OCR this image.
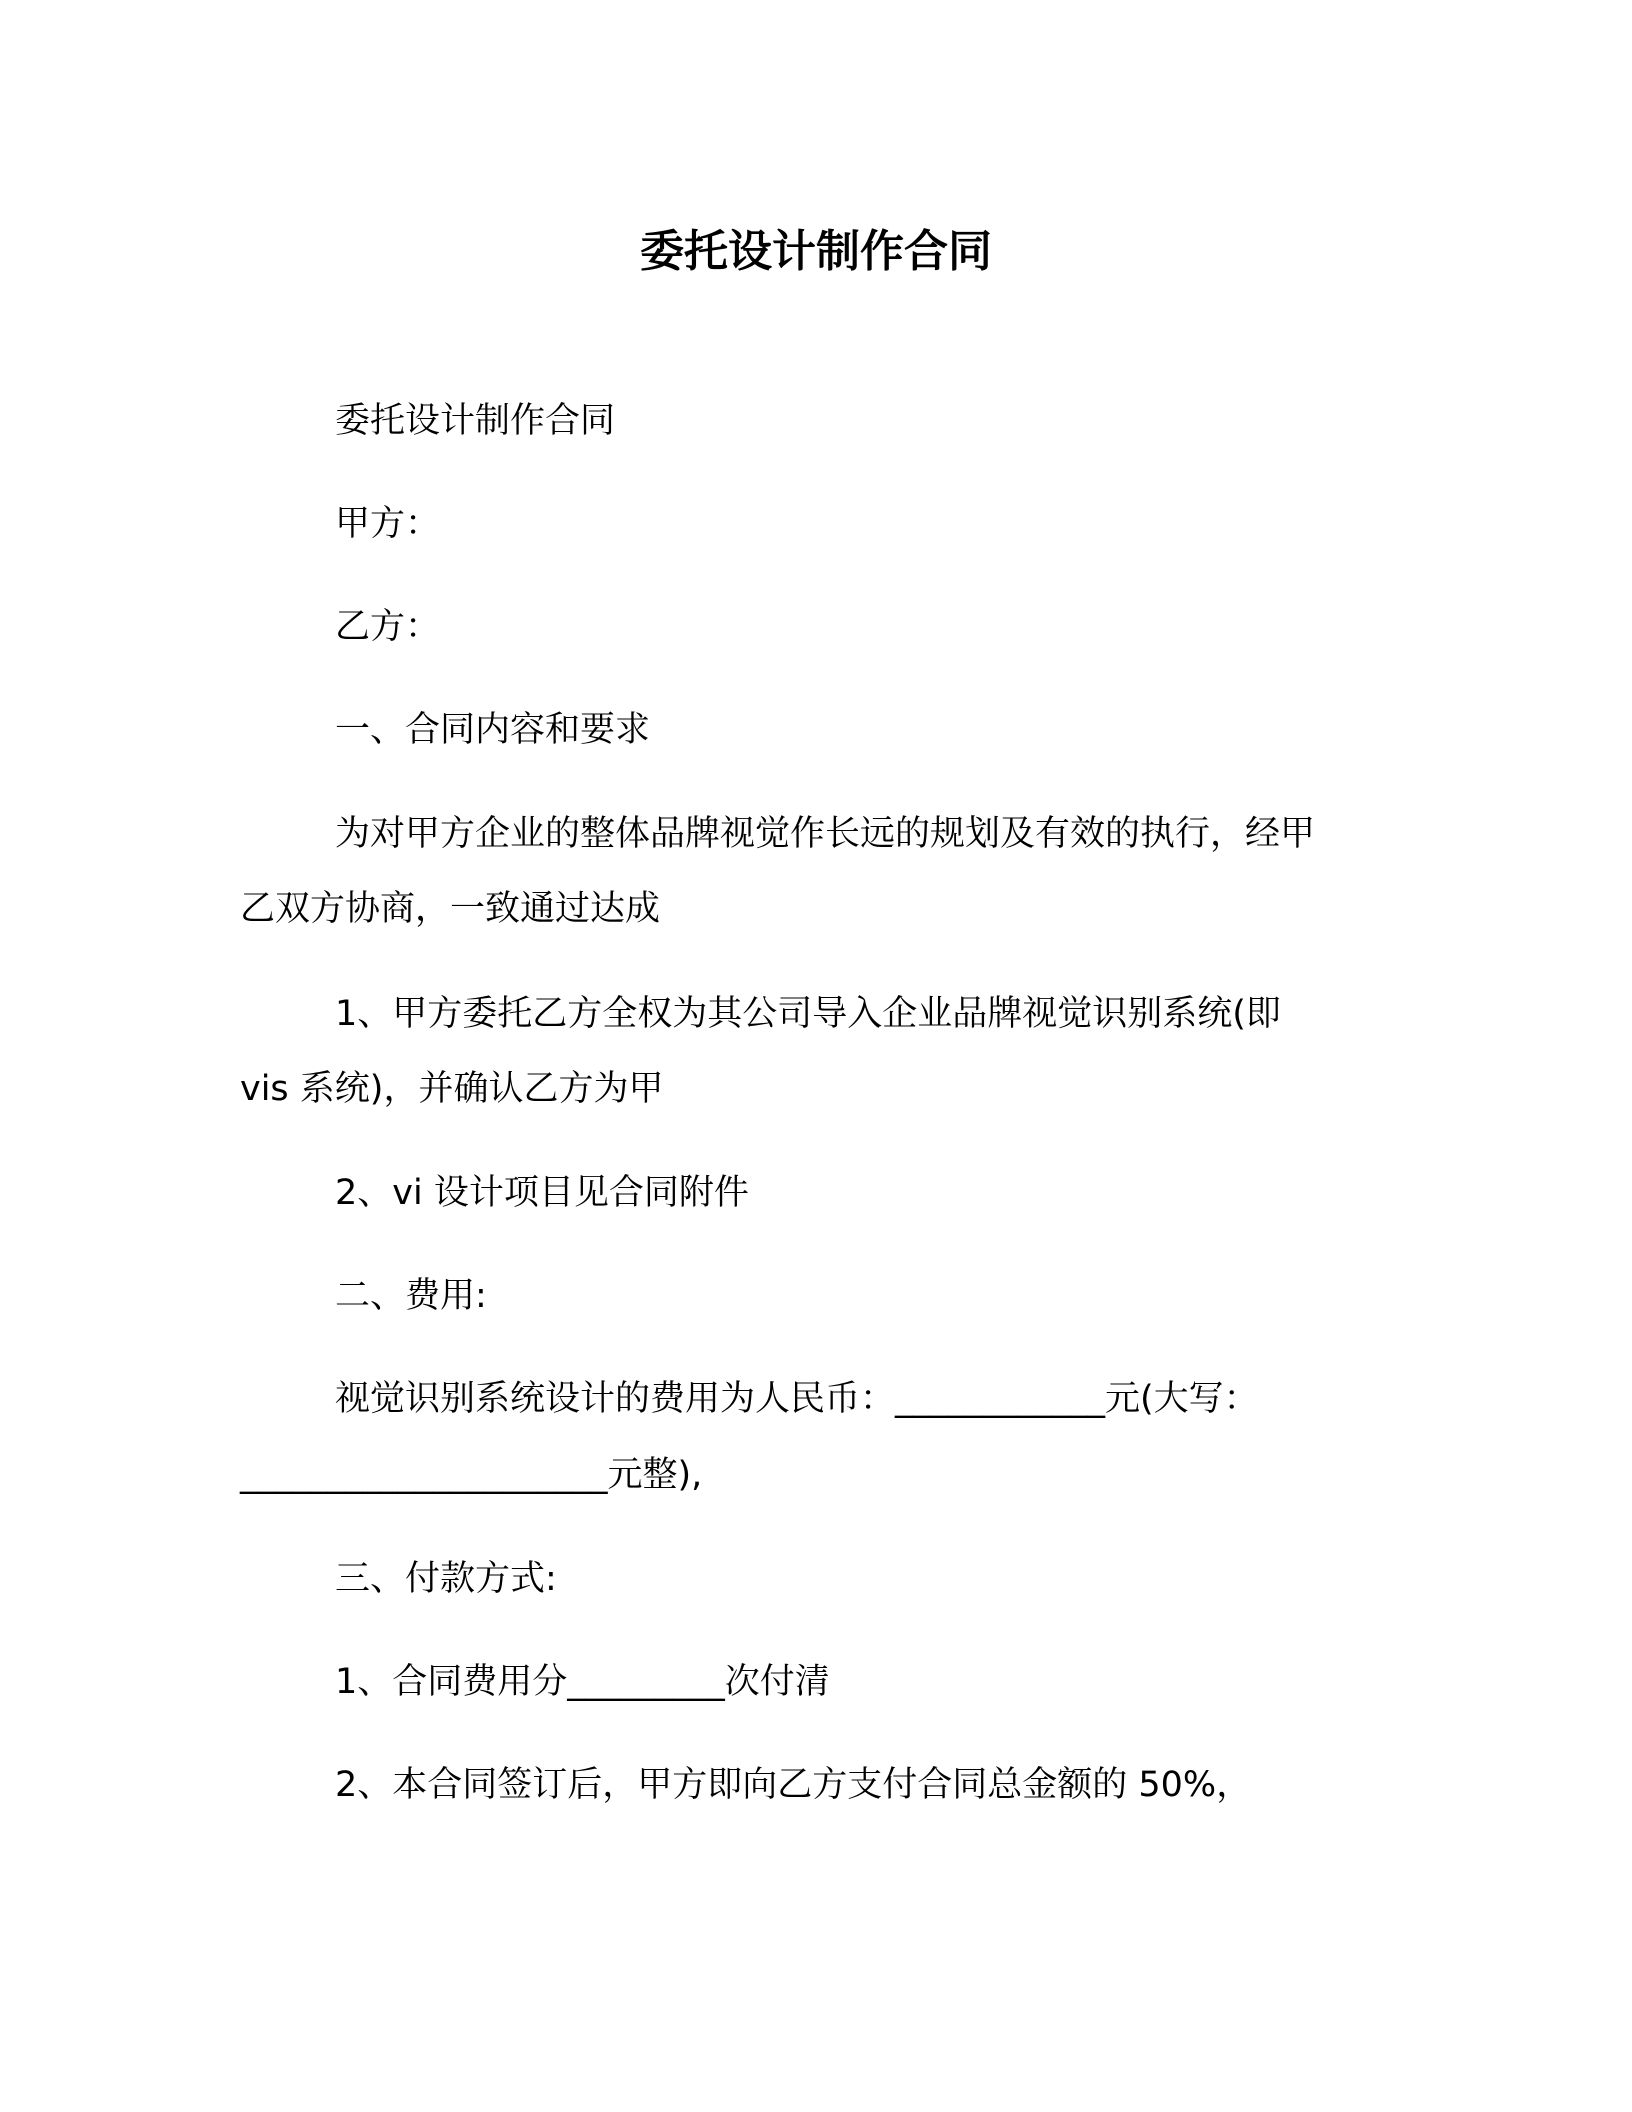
委托设计制作合同
委托设计制作合同
甲方：
乙方：
一、合同内容和要求
为对甲方企业的整体品牌视觉作长远的规划及有效的执行，经甲
乙双方协商，一致通过达成
1、甲方委托乙方全权为其公司导入企业品牌视觉识别系统(即
vis 系统)，并确认乙方为甲
2、vi 设计项目见合同附件
二、费用:
视觉识别系统设计的费用为人民币：____________元(大写：
_____________________元整),
三、付款方式:
1、合同费用分_________次付清
2、本合同签订后，甲方即向乙方支付合同总金额的 50%，
